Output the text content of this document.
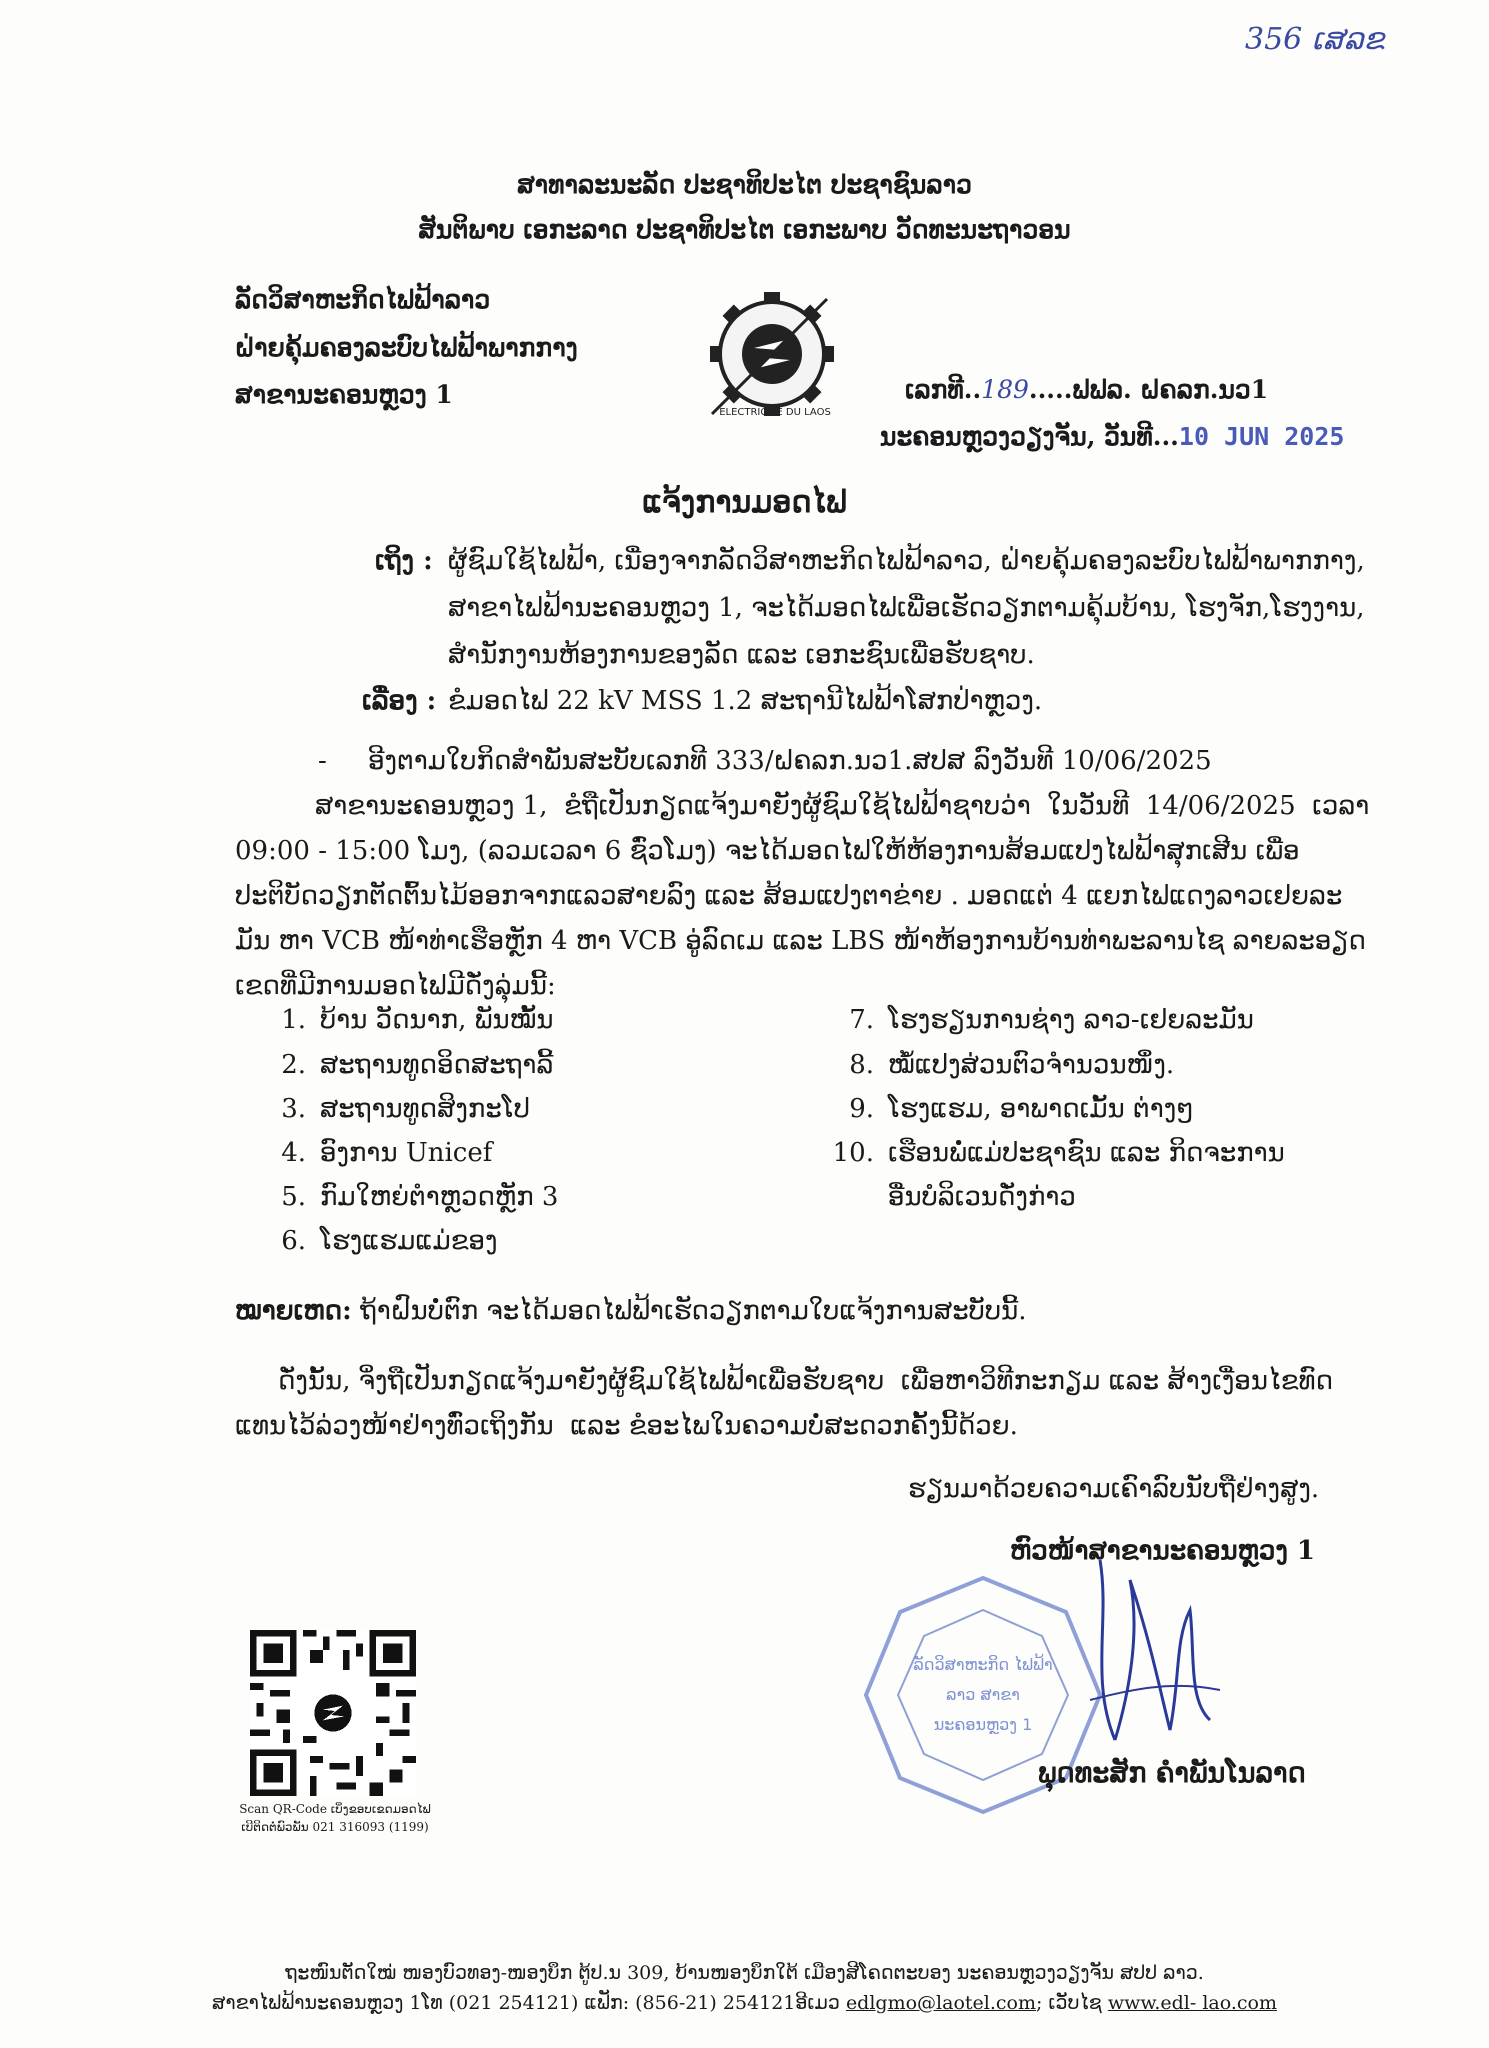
356 ເສລຂ
ສາທາລະນະລັດ ປະຊາທິປະໄຕ ປະຊາຊົນລາວ
ສັນຕິພາບ ເອກະລາດ ປະຊາທິປະໄຕ ເອກະພາບ ວັດທະນະຖາວອນ
ລັດວິສາຫະກິດໄຟຟ້າລາວ
ຝ່າຍຄຸ້ມຄອງລະບົບໄຟຟ້າພາກກາງ
ສາຂານະຄອນຫຼວງ 1
ELECTRICITE DU LAOS
ເລກທີ..189.....ຟຟລ. ຝຄລກ.ນວ1
ນະຄອນຫຼວງວຽງຈັນ, ວັນທີ...10 JUN 2025
ແຈ້ງການມອດໄຟ
ເຖິງ : ຜູ້ຊົມໃຊ້ໄຟຟ້າ, ເນື່ອງຈາກລັດວິສາຫະກິດໄຟຟ້າລາວ, ຝ່າຍຄຸ້ມຄອງລະບົບໄຟຟ້າພາກກາງ,
ສາຂາໄຟຟ້ານະຄອນຫຼວງ 1, ຈະໄດ້ມອດໄຟເພື່ອເຮັດວຽກຕາມຄຸ້ມບ້ານ, ໂຮງຈັກ,ໂຮງງານ,
ສຳນັກງານຫ້ອງການຂອງລັດ ແລະ ເອກະຊົນເພື່ອຮັບຊາບ.
ເລື່ອງ : ຂໍມອດໄຟ 22 kV MSS 1.2 ສະຖານີໄຟຟ້າໂສກປ່າຫຼວງ.
-     ອີງຕາມໃບກິດສຳພັນສະບັບເລກທີ 333/ຝຄລກ.ນວ1.ສປສ ລົງວັນທີ 10/06/2025
ສາຂານະຄອນຫຼວງ 1,  ຂໍຖືເປັນກຽດແຈ້ງມາຍັງຜູ້ຊົມໃຊ້ໄຟຟ້າຊາບວ່າ  ໃນວັນທີ  14/06/2025  ເວລາ
09:00 - 15:00 ໂມງ, (ລວມເວລາ 6 ຊົ່ວໂມງ) ຈະໄດ້ມອດໄຟໃຫ້ຫ້ອງການສ້ອມແປງໄຟຟ້າສຸກເສີນ ເພື່ອ
ປະຕິບັດວຽກຕັດຕົ້ນໄມ້ອອກຈາກແລວສາຍລົງ ແລະ ສ້ອມແປງຕາຂ່າຍ . ມອດແຕ່ 4 ແຍກໄຟແດງລາວເຢຍລະ
ມັນ ຫາ VCB ໜ້າທ່າເຮືອຫຼັກ 4 ຫາ VCB ອູ່ລົດເມ ແລະ LBS ໜ້າຫ້ອງການບ້ານທ່າພະລານໄຊ ລາຍລະອຽດ
ເຂດທີ່ມີການມອດໄຟມີດັ່ງລຸ່ມນີ້:
1. ບ້ານ ວັດນາກ, ພັນໝັ້ນ
2. ສະຖານທູດອິດສະຖາລີ້
3. ສະຖານທູດສິງກະໂປ
4. ອົງການ Unicef
5. ກົມໃຫຍ່ຕໍາຫຼວດຫຼັກ 3
6. ໂຮງແຮມແມ່ຂອງ
7. ໂຮງຮຽນການຊ່າງ ລາວ-ເຢຍລະມັນ
8. ໝໍ້ແປງສ່ວນຕົວຈໍານວນໜຶ່ງ.
9. ໂຮງແຮມ, ອາພາດເມັ້ນ ຕ່າງໆ
10. ເຮືອນພໍ່ແມ່ປະຊາຊົນ ແລະ ກິດຈະການ
ອື່ນບໍລິເວນດັ່ງກ່າວ
ໝາຍເຫດ: ຖ້າຝົນບໍ່ຕົກ ຈະໄດ້ມອດໄຟຟ້າເຮັດວຽກຕາມໃບແຈ້ງການສະບັບນີ້.
ດັ່ງນັ້ນ, ຈິ່ງຖືເປັນກຽດແຈ້ງມາຍັງຜູ້ຊົມໃຊ້ໄຟຟ້າເພື່ອຮັບຊາບ  ເພື່ອຫາວິທີກະກຽມ ແລະ ສ້າງເງື່ອນໄຂທົດ
ແທນໄວ້ລ່ວງໜ້າຢ່າງທົ່ວເຖິງກັນ  ແລະ ຂໍອະໄພໃນຄວາມບໍ່ສະດວກຄັ້ງນີ້ດ້ວຍ.
ຮຽນມາດ້ວຍຄວາມເຄົາລົບນັບຖືຢ່າງສູງ.
ຫົວໜ້າສາຂານະຄອນຫຼວງ 1
ລັດວິສາຫະກິດ ໄຟຟ້າລາວ ສາຂາ ນະຄອນຫຼວງ 1
ພຸດທະສັກ ຄໍາພັນໂນລາດ
Scan QR-Code ເບິ່ງຂອບເຂດມອດໄຟ
ເບີຕິດຕໍ່ພົວພັນ 021 316093 (1199)
ຖະໜົນຕັດໃໝ່ ໜອງບົວທອງ-ໜອງບຶກ ຕູ້ປ.ນ 309, ບ້ານໜອງບຶກໃຕ້ ເມືອງສີໂຄດຕະບອງ ນະຄອນຫຼວງວຽງຈັນ ສປປ ລາວ.
ສາຂາໄຟຟ້ານະຄອນຫຼວງ 1ໂທ (021 254121) ແຟັກ: (856-21) 254121ອີເມວ edlgmo@laotel.com; ເວັບໄຊ www.edl- lao.com
